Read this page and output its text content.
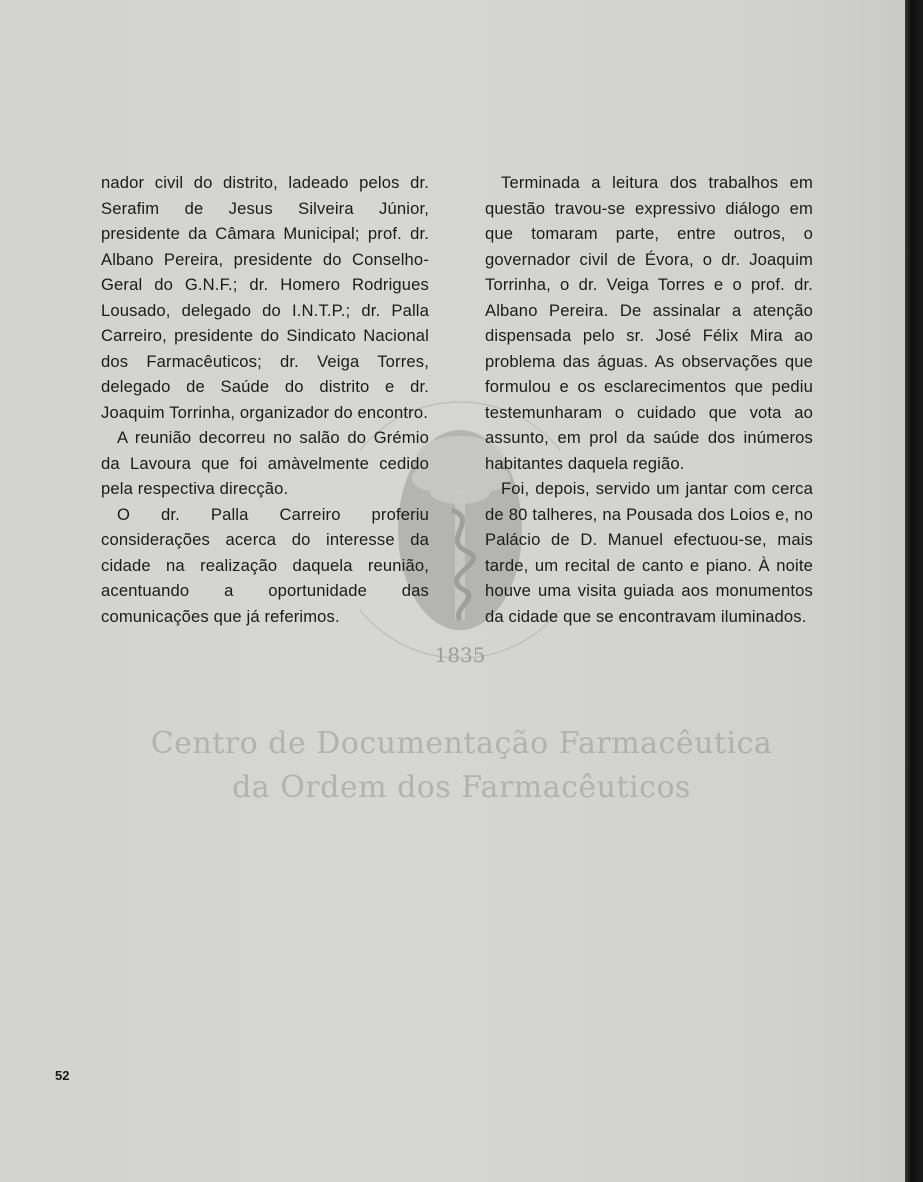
1835

nador civil do distrito, ladeado pelos dr. Serafim de Jesus Silveira Júnior, presidente da Câmara Municipal; prof. dr. Albano Pereira, presidente do Conselho-Geral do G.N.F.; dr. Homero Rodrigues Lousado, delegado do I.N.T.P.; dr. Palla Carreiro, presidente do Sindicato Nacional dos Farmacêuticos; dr. Veiga Torres, delegado de Saúde do distrito e dr. Joaquim Torrinha, organizador do encontro.

A reunião decorreu no salão do Grémio da Lavoura que foi amàvelmente cedido pela respectiva direcção.

O dr. Palla Carreiro proferiu considerações acerca do interesse da cidade na realização daquela reunião, acentuando a oportunidade das comunicações que já referimos.

Terminada a leitura dos trabalhos em questão travou-se expressivo diálogo em que tomaram parte, entre outros, o governador civil de Évora, o dr. Joaquim Torrinha, o dr. Veiga Torres e o prof. dr. Albano Pereira. De assinalar a atenção dispensada pelo sr. José Félix Mira ao problema das águas. As observações que formulou e os esclarecimentos que pediu testemunharam o cuidado que vota ao assunto, em prol da saúde dos inúmeros habitantes daquela região.

Foi, depois, servido um jantar com cerca de 80 talheres, na Pousada dos Loios e, no Palácio de D. Manuel efectuou-se, mais tarde, um recital de canto e piano. À noite houve uma visita guiada aos monumentos da cidade que se encontravam iluminados.

Centro de Documentação Farmacêutica
da Ordem dos Farmacêuticos
52
